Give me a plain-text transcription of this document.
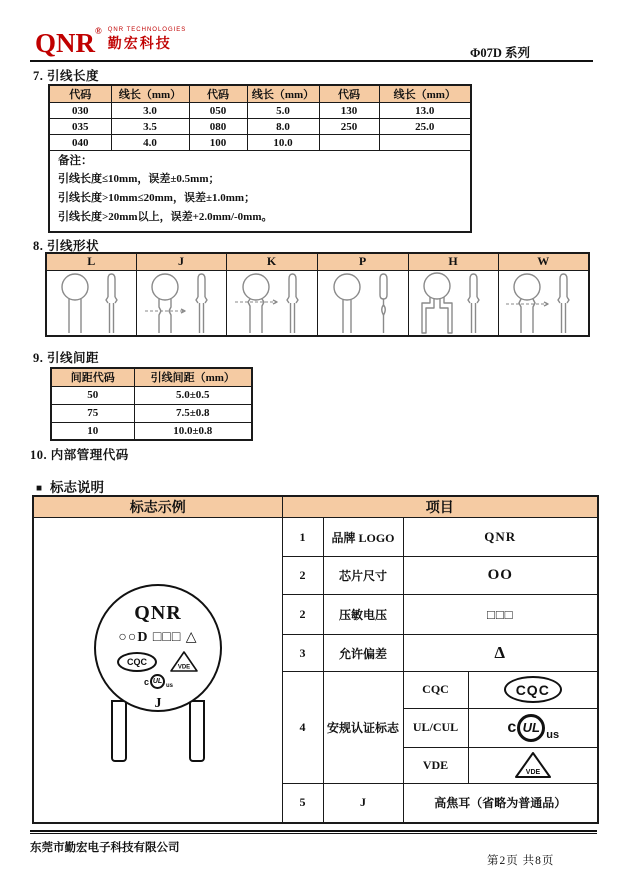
QNR® QNR TECHNOLOGIES
勤宏科技
Φ07D 系列
7. 引线长度
代码	线长（mm）	代码	线长（mm）	代码	线长（mm）
030	3.0	050	5.0	130	13.0
035	3.5	080	8.0	250	25.0
040	4.0	100	10.0		

备注：
引线长度≤10mm，误差±0.5mm；
引线长度>10mm≤20mm，误差±1.0mm；
引线长度>20mm以上，误差+2.0mm/-0mm。					
8. 引线形状
L	J	K	P	H	W

9. 引线间距
间距代码	引线间距（mm）
50	5.0±0.5
75	7.5±0.8
10	10.0±0.8
10. 内部管理代码
■ 标志说明
标志示例	项目			

QNR
○○D □□□ △
CQC
VDE
c UL
us
J
	1	品牌 LOGO	QNR
	2	芯片尺寸	OO	
	2	压敏电压	□□□	
	3	允许偏差	Δ	
	4	安规认证标志	CQC	CQC

			UL/CUL	c UL us

			VDE	VDE

	5	J	高焦耳（省略为普通品）	
东莞市勤宏电子科技有限公司
第2页 共8页
